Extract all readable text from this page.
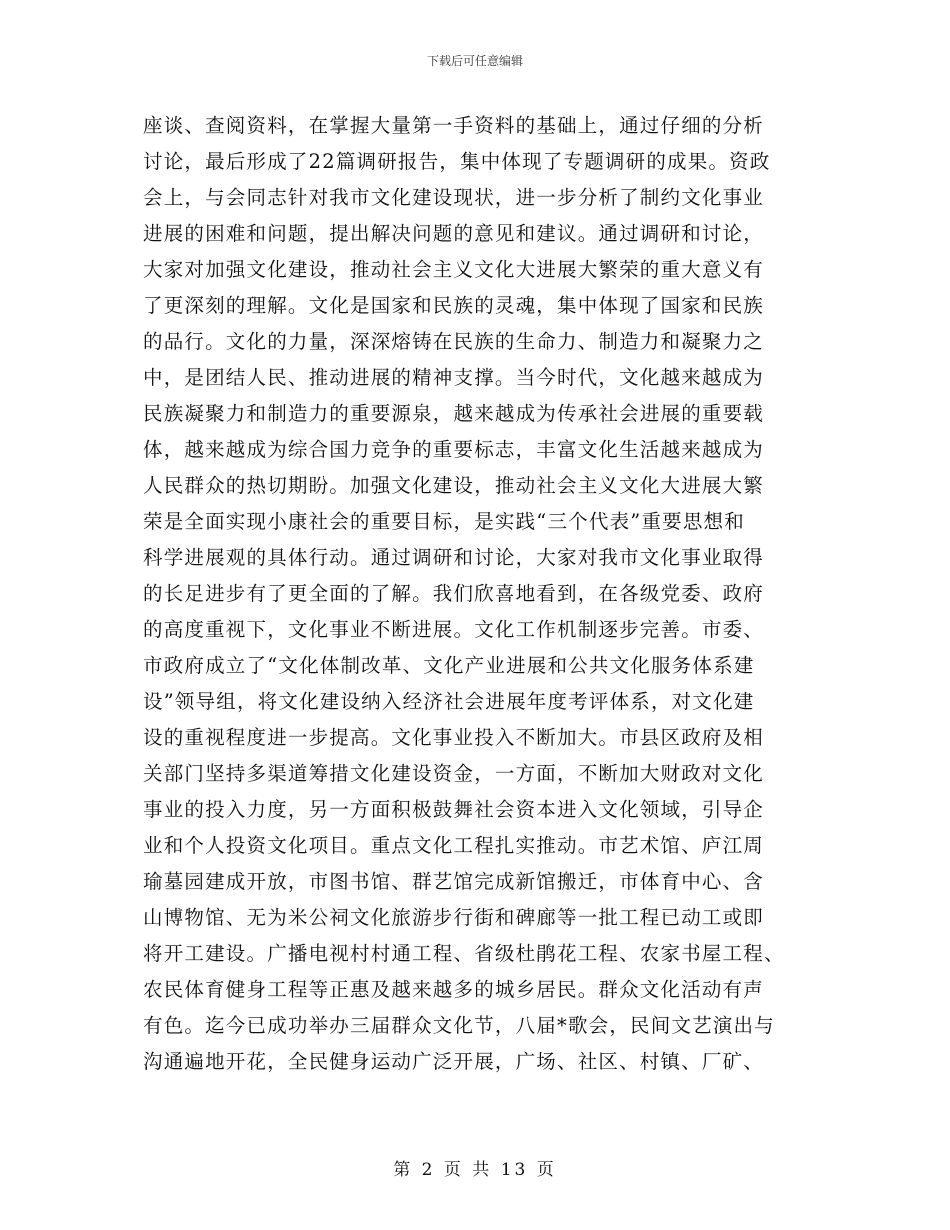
下载后可任意编辑
座谈、查阅资料，在掌握大量第一手资料的基础上，通过仔细的分析
讨论，最后形成了22篇调研报告，集中体现了专题调研的成果。资政
会上，与会同志针对我市文化建设现状，进一步分析了制约文化事业
进展的困难和问题，提出解决问题的意见和建议。通过调研和讨论，
大家对加强文化建设，推动社会主义文化大进展大繁荣的重大意义有
了更深刻的理解。文化是国家和民族的灵魂，集中体现了国家和民族
的品行。文化的力量，深深熔铸在民族的生命力、制造力和凝聚力之
中，是团结人民、推动进展的精神支撑。当今时代，文化越来越成为
民族凝聚力和制造力的重要源泉，越来越成为传承社会进展的重要载
体，越来越成为综合国力竞争的重要标志，丰富文化生活越来越成为
人民群众的热切期盼。加强文化建设，推动社会主义文化大进展大繁
荣是全面实现小康社会的重要目标，是实践“三个代表”重要思想和
科学进展观的具体行动。通过调研和讨论，大家对我市文化事业取得
的长足进步有了更全面的了解。我们欣喜地看到，在各级党委、政府
的高度重视下，文化事业不断进展。文化工作机制逐步完善。市委、
市政府成立了“文化体制改革、文化产业进展和公共文化服务体系建
设”领导组，将文化建设纳入经济社会进展年度考评体系，对文化建
设的重视程度进一步提高。文化事业投入不断加大。市县区政府及相
关部门坚持多渠道筹措文化建设资金，一方面，不断加大财政对文化
事业的投入力度，另一方面积极鼓舞社会资本进入文化领域，引导企
业和个人投资文化项目。重点文化工程扎实推动。市艺术馆、庐江周
瑜墓园建成开放，市图书馆、群艺馆完成新馆搬迁，市体育中心、含
山博物馆、无为米公祠文化旅游步行街和碑廊等一批工程已动工或即
将开工建设。广播电视村村通工程、省级杜鹃花工程、农家书屋工程、
农民体育健身工程等正惠及越来越多的城乡居民。群众文化活动有声
有色。迄今已成功举办三届群众文化节，八届*歌会，民间文艺演出与
沟通遍地开花，全民健身运动广泛开展，广场、社区、村镇、厂矿、
第 2 页 共 13 页
